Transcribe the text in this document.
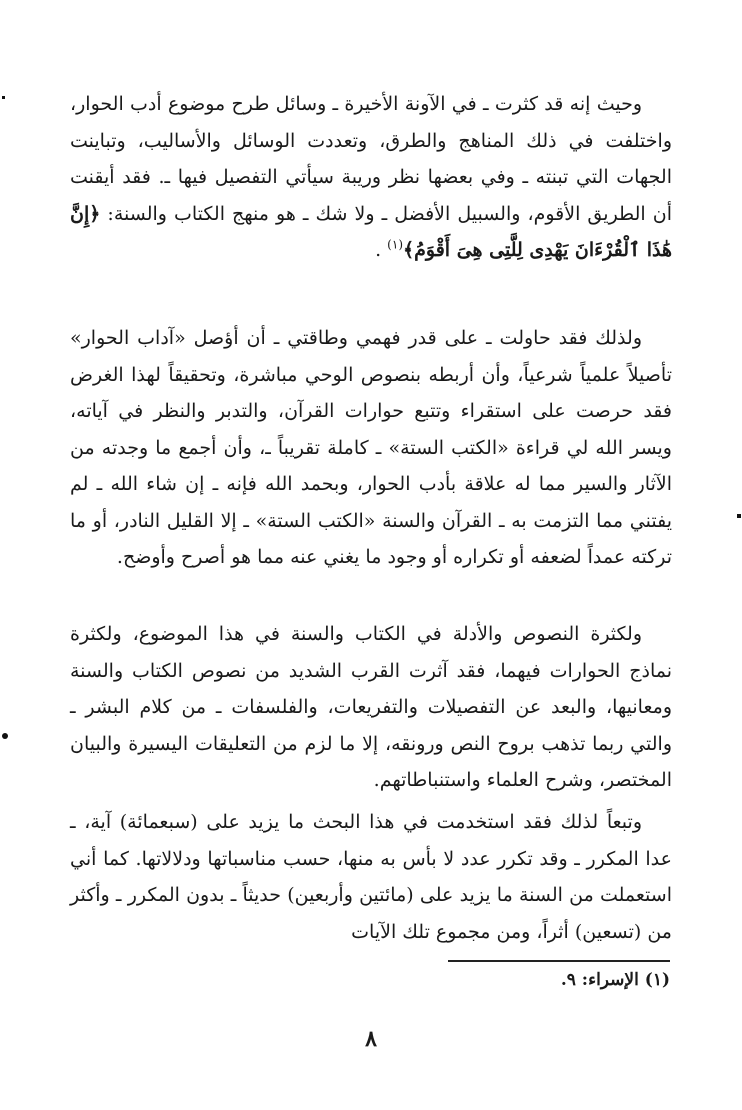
وحيث إنه قد كثرت ـ في الآونة الأخيرة ـ وسائل طرح موضوع أدب الحوار، واختلفت في ذلك المناهج والطرق، وتعددت الوسائل والأساليب، وتباينت الجهات التي تبنته ـ وفي بعضها نظر وريبة سيأتي التفصيل فيها ـ. فقد أيقنت أن الطريق الأقوم، والسبيل الأفضل ـ ولا شك ـ هو منهج الكتاب والسنة: ﴿إِنَّ هَٰذَا ٱلْقُرْءَانَ يَهْدِى لِلَّتِى هِىَ أَقْوَمُ﴾$^{(١)}$ .

ولذلك فقد حاولت ـ على قدر فهمي وطاقتي ـ أن أؤصل «آداب الحوار» تأصيلاً علمياً شرعياً، وأن أربطه بنصوص الوحي مباشرة، وتحقيقاً لهذا الغرض فقد حرصت على استقراء وتتبع حوارات القرآن، والتدبر والنظر في آياته، ويسر الله لي قراءة «الكتب الستة» ـ كاملة تقريباً ـ، وأن أجمع ما وجدته من الآثار والسير مما له علاقة بأدب الحوار، وبحمد الله فإنه ـ إن شاء الله ـ لم يفتني مما التزمت به ـ القرآن والسنة «الكتب الستة» ـ إلا القليل النادر، أو ما تركته عمداً لضعفه أو تكراره أو وجود ما يغني عنه مما هو أصرح وأوضح.

ولكثرة النصوص والأدلة في الكتاب والسنة في هذا الموضوع، ولكثرة نماذج الحوارات فيهما، فقد آثرت القرب الشديد من نصوص الكتاب والسنة ومعانيها، والبعد عن التفصيلات والتفريعات، والفلسفات ـ من كلام البشر ـ والتي ربما تذهب بروح النص ورونقه، إلا ما لزم من التعليقات اليسيرة والبيان المختصر، وشرح العلماء واستنباطاتهم.

وتبعاً لذلك فقد استخدمت في هذا البحث ما يزيد على (سبعمائة) آية، ـ عدا المكرر ـ وقد تكرر عدد لا بأس به منها، حسب مناسباتها ودلالاتها. كما أني استعملت من السنة ما يزيد على (مائتين وأربعين) حديثاً ـ بدون المكرر ـ وأكثر من (تسعين) أثراً، ومن مجموع تلك الآيات

(١) الإسراء: ٩.
٨
